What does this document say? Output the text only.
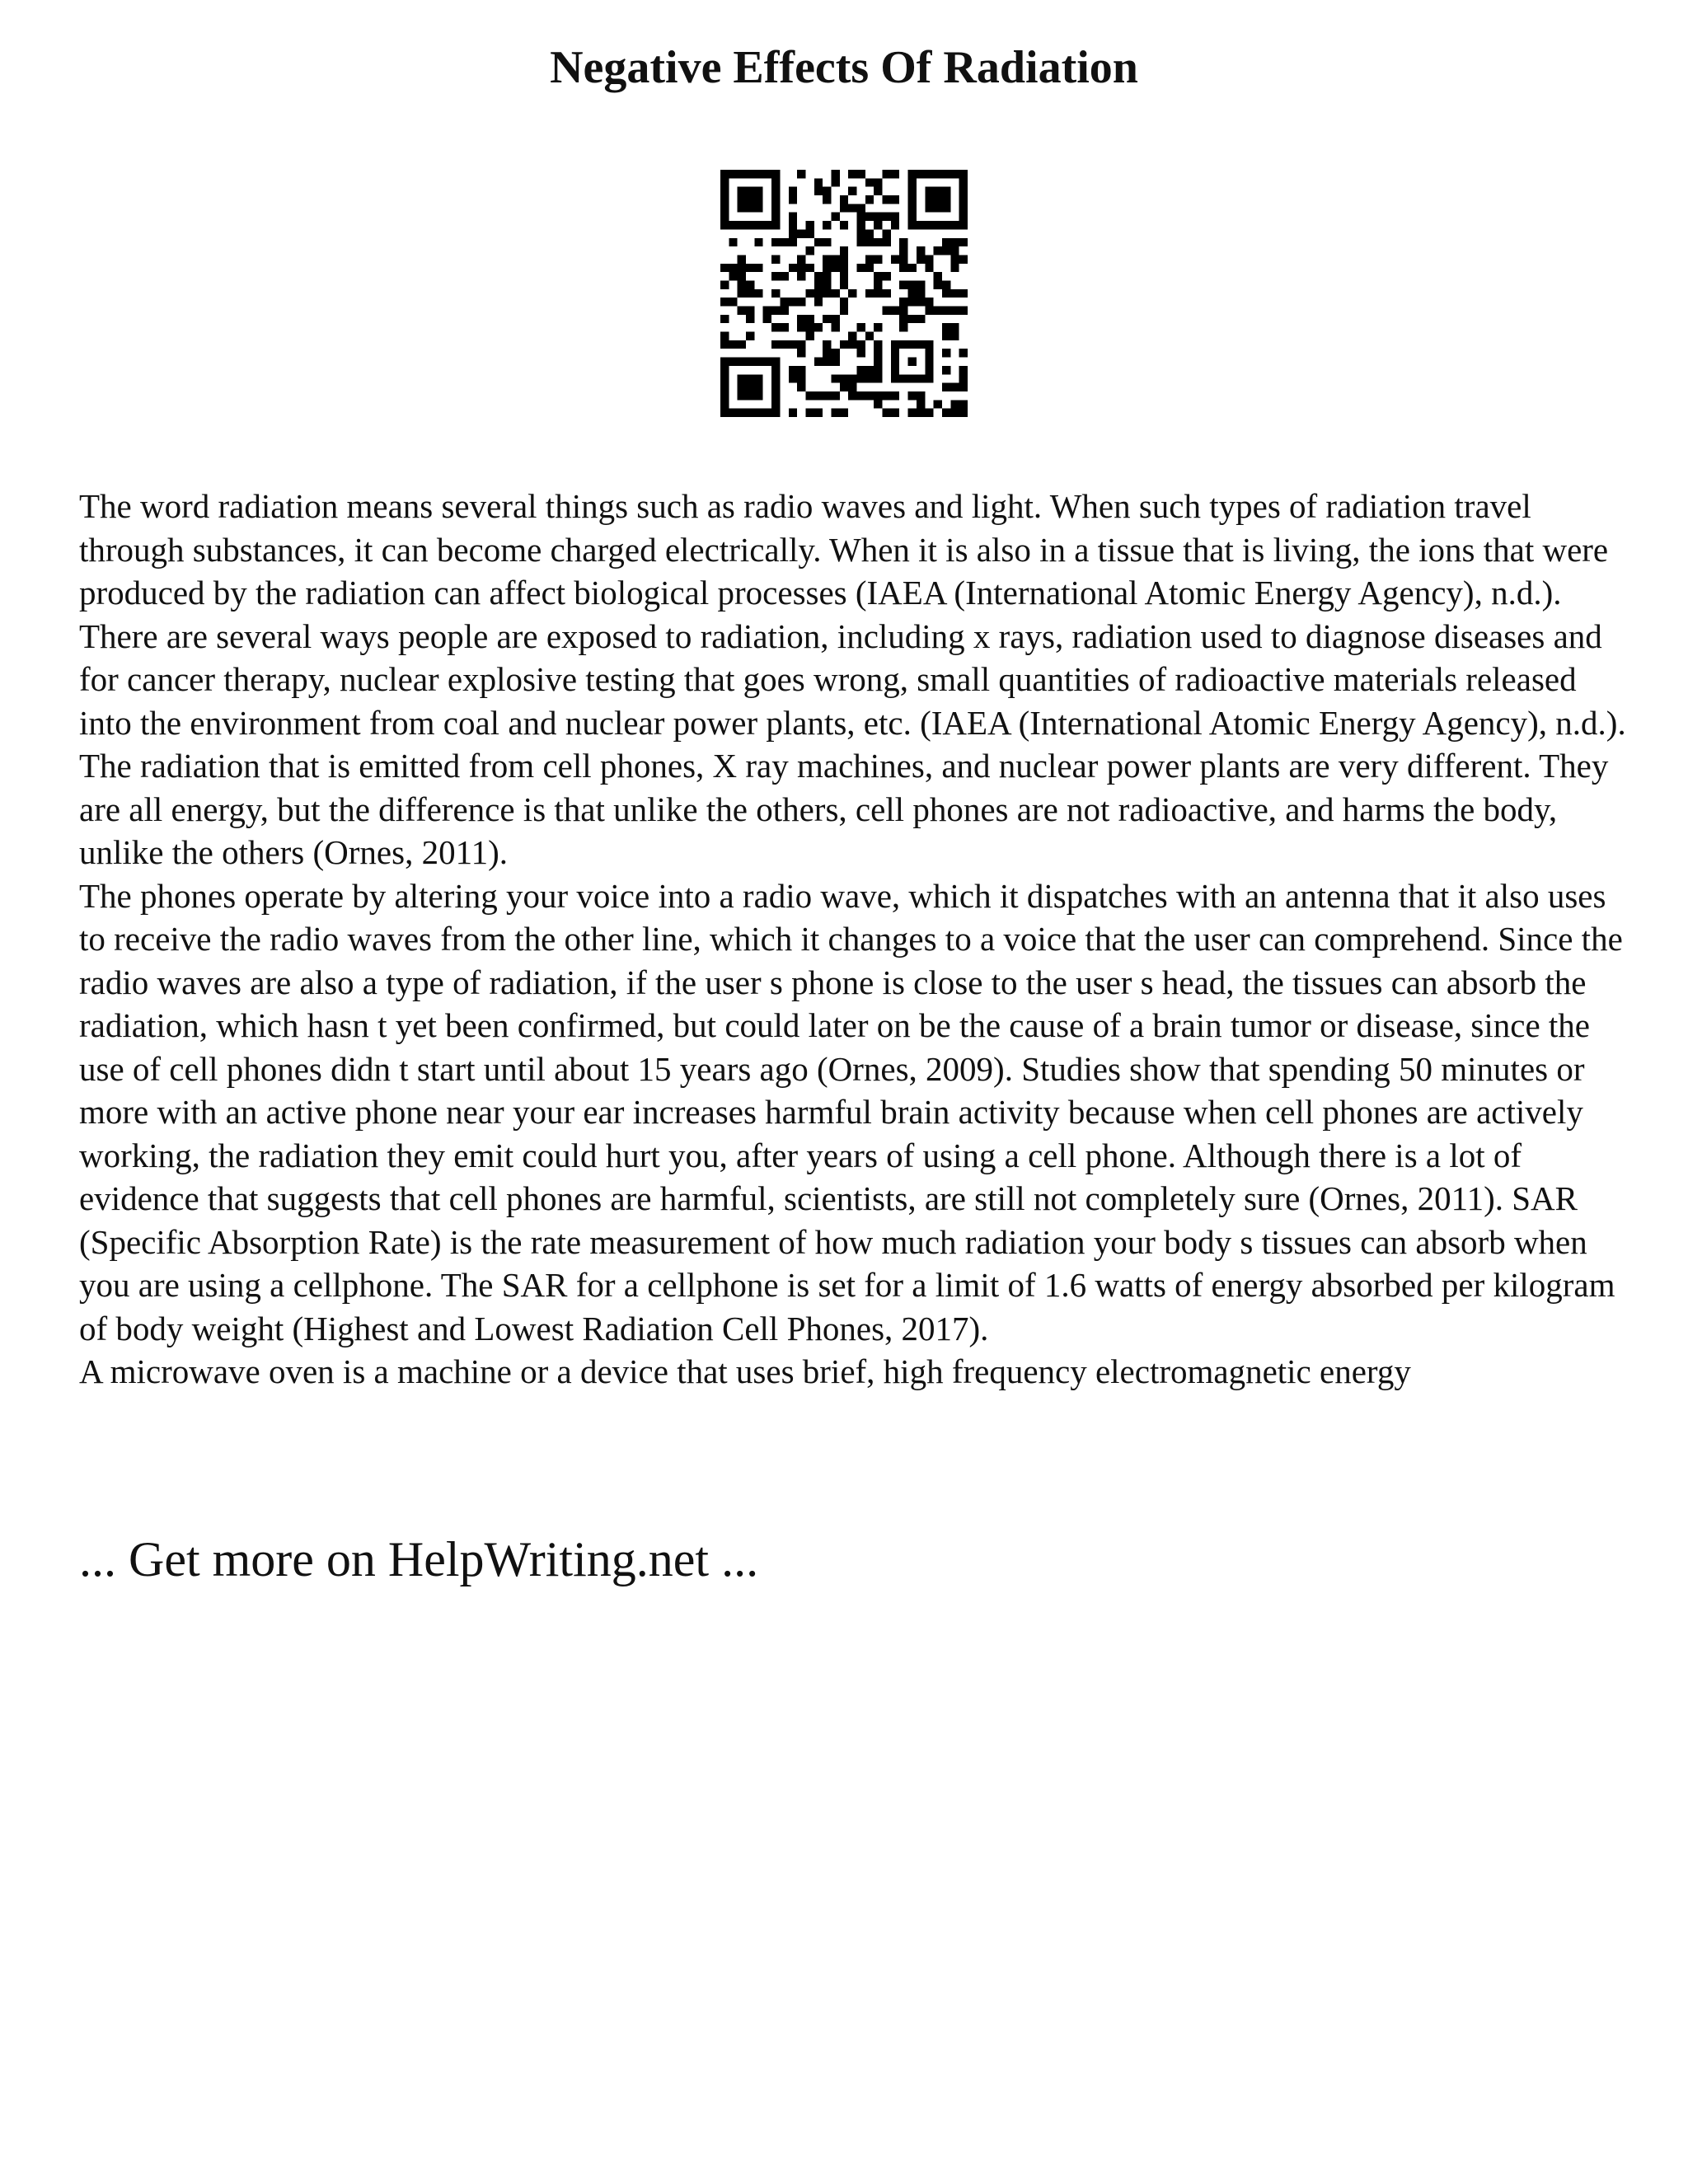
Negative Effects Of Radiation

The word radiation means several things such as radio waves and light. When such types of radiation travel through substances, it can become charged electrically. When it is also in a tissue that is living, the ions that were produced by the radiation can affect biological processes (IAEA (International Atomic Energy Agency), n.d.). There are several ways people are exposed to radiation, including x rays, radiation used to diagnose diseases and for cancer therapy, nuclear explosive testing that goes wrong, small quantities of radioactive materials released into the environment from coal and nuclear power plants, etc. (IAEA (International Atomic Energy Agency), n.d.). The radiation that is emitted from cell phones, X ray machines, and nuclear power plants are very different. They are all energy, but the difference is that unlike the others, cell phones are not radioactive, and harms the body, unlike the others (Ornes, 2011).

The phones operate by altering your voice into a radio wave, which it dispatches with an antenna that it also uses to receive the radio waves from the other line, which it changes to a voice that the user can comprehend. Since the radio waves are also a type of radiation, if the user s phone is close to the user s head, the tissues can absorb the radiation, which hasn t yet been confirmed, but could later on be the cause of a brain tumor or disease, since the use of cell phones didn t start until about 15 years ago (Ornes, 2009). Studies show that spending 50 minutes or more with an active phone near your ear increases harmful brain activity because when cell phones are actively working, the radiation they emit could hurt you, after years of using a cell phone. Although there is a lot of evidence that suggests that cell phones are harmful, scientists, are still not completely sure (Ornes, 2011). SAR (Specific Absorption Rate) is the rate measurement of how much radiation your body s tissues can absorb when you are using a cellphone. The SAR for a cellphone is set for a limit of 1.6 watts of energy absorbed per kilogram of body weight (Highest and Lowest Radiation Cell Phones, 2017).

A microwave oven is a machine or a device that uses brief, high frequency electromagnetic energy

... Get more on HelpWriting.net ...
